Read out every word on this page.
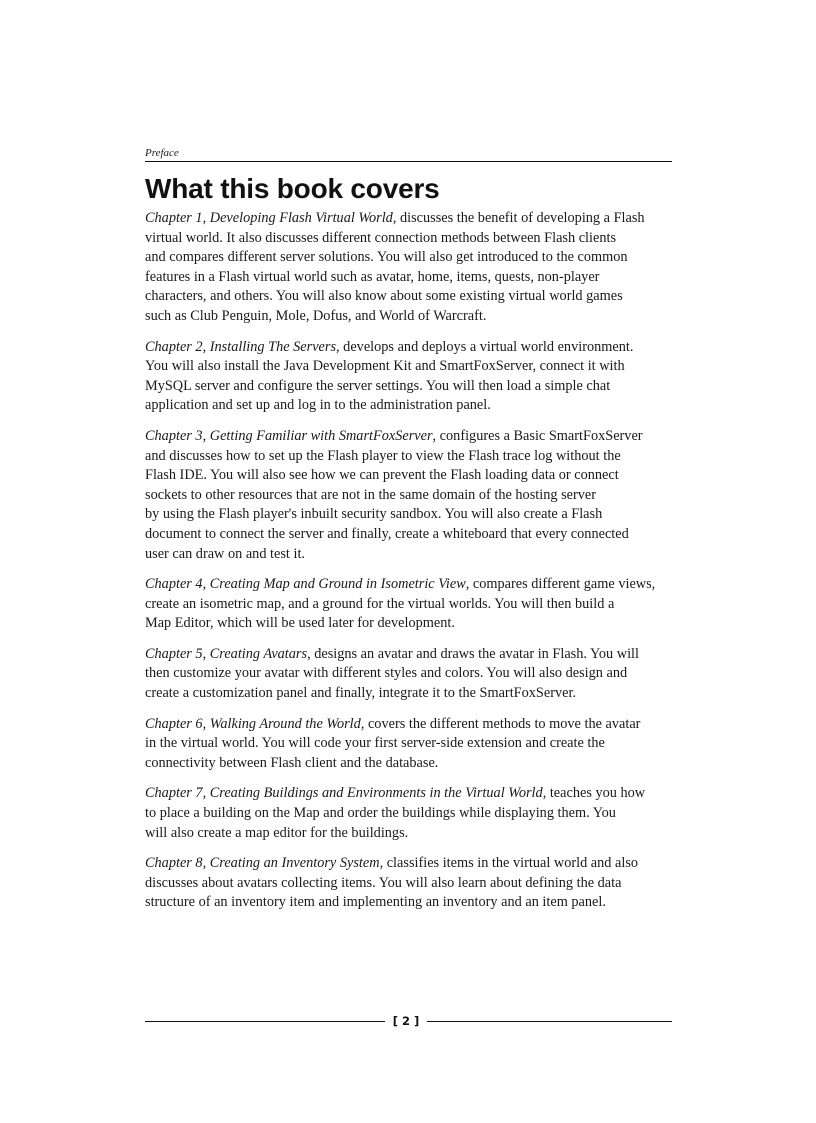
Preface
What this book covers

Chapter 1, Developing Flash Virtual World, discusses the benefit of developing a Flash
virtual world. It also discusses different connection methods between Flash clients
and compares different server solutions. You will also get introduced to the common
features in a Flash virtual world such as avatar, home, items, quests, non-player
characters, and others. You will also know about some existing virtual world games
such as Club Penguin, Mole, Dofus, and World of Warcraft.

Chapter 2, Installing The Servers, develops and deploys a virtual world environment.
You will also install the Java Development Kit and SmartFoxServer, connect it with
MySQL server and configure the server settings. You will then load a simple chat
application and set up and log in to the administration panel.

Chapter 3, Getting Familiar with SmartFoxServer, configures a Basic SmartFoxServer
and discusses how to set up the Flash player to view the Flash trace log without the
Flash IDE. You will also see how we can prevent the Flash loading data or connect
sockets to other resources that are not in the same domain of the hosting server
by using the Flash player's inbuilt security sandbox. You will also create a Flash
document to connect the server and finally, create a whiteboard that every connected
user can draw on and test it.

Chapter 4, Creating Map and Ground in Isometric View, compares different game views,
create an isometric map, and a ground for the virtual worlds. You will then build a
Map Editor, which will be used later for development.

Chapter 5, Creating Avatars, designs an avatar and draws the avatar in Flash. You will
then customize your avatar with different styles and colors. You will also design and
create a customization panel and finally, integrate it to the SmartFoxServer.

Chapter 6, Walking Around the World, covers the different methods to move the avatar
in the virtual world. You will code your first server-side extension and create the
connectivity between Flash client and the database.

Chapter 7, Creating Buildings and Environments in the Virtual World, teaches you how
to place a building on the Map and order the buildings while displaying them. You
will also create a map editor for the buildings.

Chapter 8, Creating an Inventory System, classifies items in the virtual world and also
discusses about avatars collecting items. You will also learn about defining the data
structure of an inventory item and implementing an inventory and an item panel.

[ 2 ]
